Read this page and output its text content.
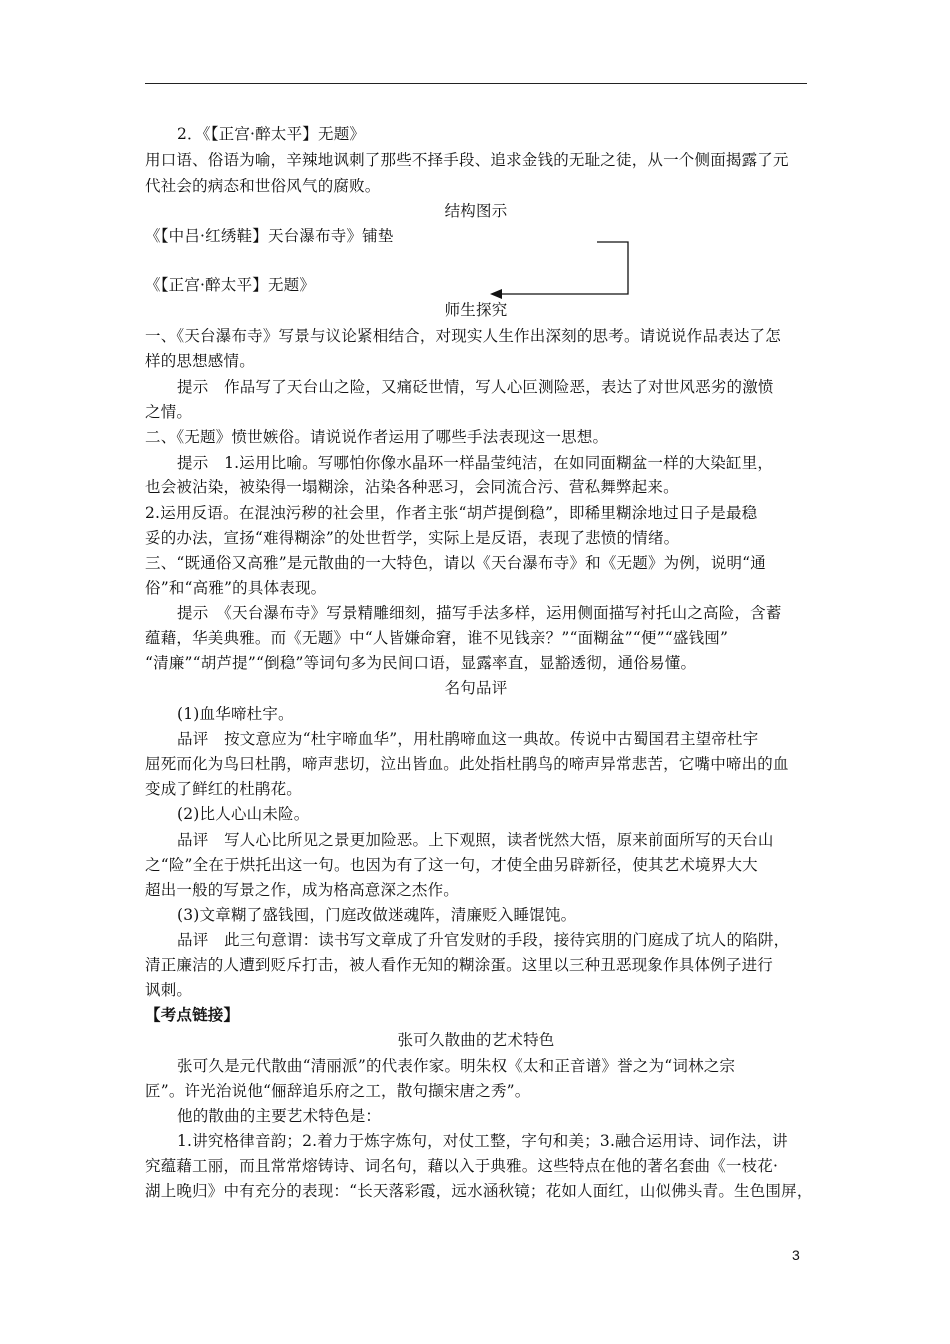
2．《【正宫·醉太平】无题》
用口语、俗语为喻，辛辣地讽刺了那些不择手段、追求金钱的无耻之徒，从一个侧面揭露了元
代社会的病态和世俗风气的腐败。
结构图示
《【中吕·红绣鞋】天台瀑布寺》铺垫
《【正宫·醉太平】无题》
师生探究
一、《天台瀑布寺》写景与议论紧相结合，对现实人生作出深刻的思考。请说说作品表达了怎
样的思想感情。
提示　作品写了天台山之险，又痛砭世情，写人心叵测险恶，表达了对世风恶劣的激愤
之情。
二、《无题》愤世嫉俗。请说说作者运用了哪些手法表现这一思想。
提示　1.运用比喻。写哪怕你像水晶环一样晶莹纯洁，在如同面糊盆一样的大染缸里，
也会被沾染，被染得一塌糊涂，沾染各种恶习，会同流合污、营私舞弊起来。
2.运用反语。在混浊污秽的社会里，作者主张“胡芦提倒稳”，即稀里糊涂地过日子是最稳
妥的办法，宣扬“难得糊涂”的处世哲学，实际上是反语，表现了悲愤的情绪。
三、“既通俗又高雅”是元散曲的一大特色，请以《天台瀑布寺》和《无题》为例，说明“通
俗”和“高雅”的具体表现。
提示　《天台瀑布寺》写景精雕细刻，描写手法多样，运用侧面描写衬托山之高险，含蓄
蕴藉，华美典雅。而《无题》中“人皆嫌命窘，谁不见钱亲？”“面糊盆”“便”“盛钱囤”
“清廉”“胡芦提”“倒稳”等词句多为民间口语，显露率直，显豁透彻，通俗易懂。
名句品评
(1)血华啼杜宇。
品评　按文意应为“杜宇啼血华”，用杜鹃啼血这一典故。传说中古蜀国君主望帝杜宇
屈死而化为鸟曰杜鹃，啼声悲切，泣出皆血。此处指杜鹃鸟的啼声异常悲苦，它嘴中啼出的血
变成了鲜红的杜鹃花。
(2)比人心山未险。
品评　写人心比所见之景更加险恶。上下观照，读者恍然大悟，原来前面所写的天台山
之“险”全在于烘托出这一句。也因为有了这一句，才使全曲另辟新径，使其艺术境界大大
超出一般的写景之作，成为格高意深之杰作。
(3)文章糊了盛钱囤，门庭改做迷魂阵，清廉贬入睡馄饨。
品评　此三句意谓：读书写文章成了升官发财的手段，接待宾朋的门庭成了坑人的陷阱，
清正廉洁的人遭到贬斥打击，被人看作无知的糊涂蛋。这里以三种丑恶现象作具体例子进行
讽刺。
【考点链接】
张可久散曲的艺术特色
张可久是元代散曲“清丽派”的代表作家。明朱权《太和正音谱》誉之为“词林之宗
匠”。许光治说他“俪辞追乐府之工，散句撷宋唐之秀”。
他的散曲的主要艺术特色是：
1.讲究格律音韵；2.着力于炼字炼句，对仗工整，字句和美；3.融合运用诗、词作法，讲
究蕴藉工丽，而且常常熔铸诗、词名句，藉以入于典雅。这些特点在他的著名套曲《一枝花·
湖上晚归》中有充分的表现：“长天落彩霞，远水涵秋镜；花如人面红，山似佛头青。生色围屏，
3
